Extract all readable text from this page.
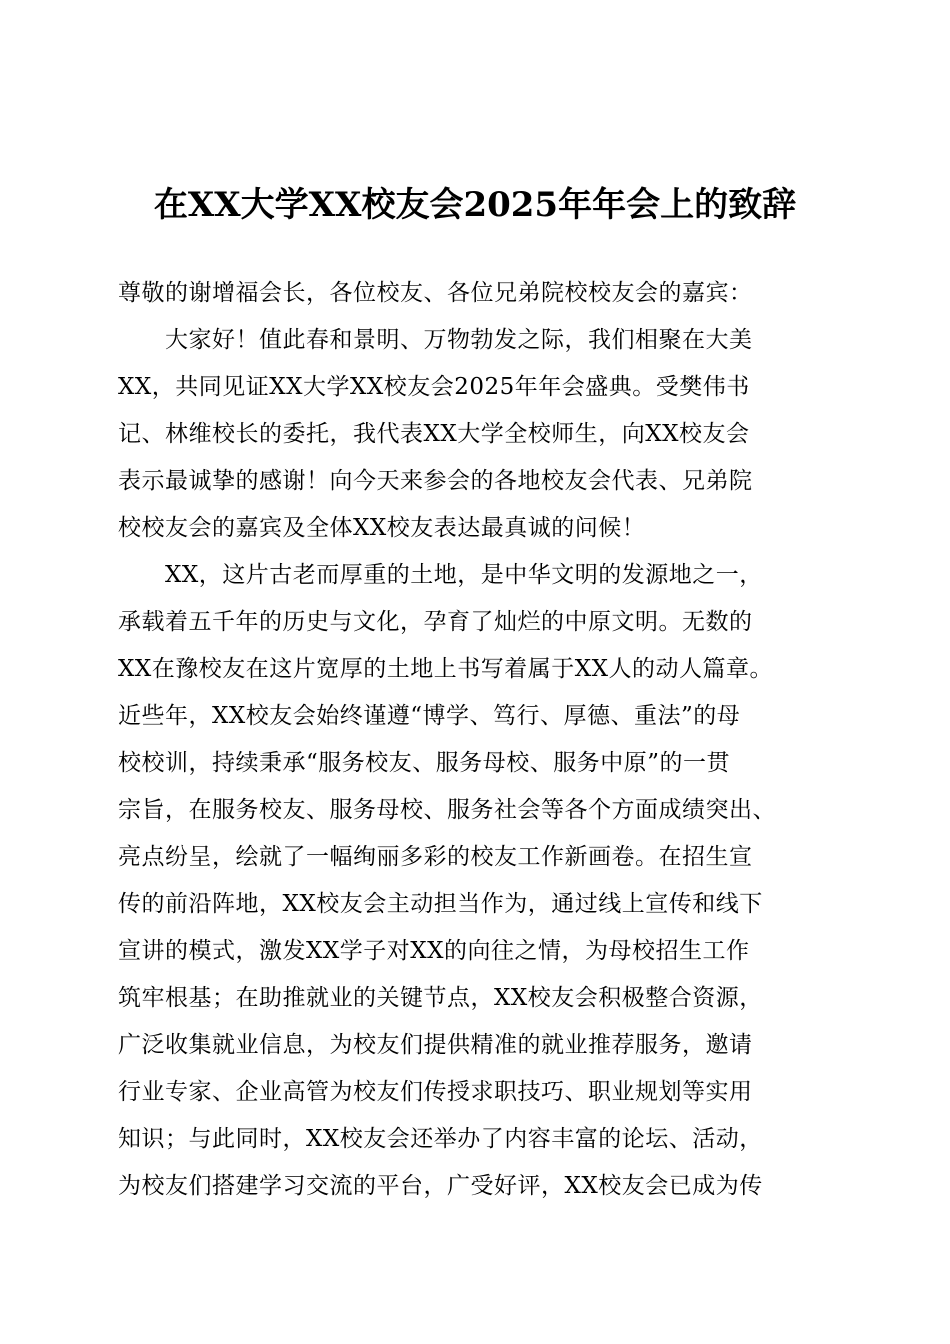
在XX大学XX校友会2025年年会上的致辞
尊敬的谢增福会长，各位校友、各位兄弟院校校友会的嘉宾：
　　大家好！值此春和景明、万物勃发之际，我们相聚在大美
XX，共同见证XX大学XX校友会2025年年会盛典。受樊伟书
记、林维校长的委托，我代表XX大学全校师生，向XX校友会
表示最诚挚的感谢！向今天来参会的各地校友会代表、兄弟院
校校友会的嘉宾及全体XX校友表达最真诚的问候！
　　XX，这片古老而厚重的土地，是中华文明的发源地之一，
承载着五千年的历史与文化，孕育了灿烂的中原文明。无数的
XX在豫校友在这片宽厚的土地上书写着属于XX人的动人篇章。
近些年，XX校友会始终谨遵“博学、笃行、厚德、重法”的母
校校训，持续秉承“服务校友、服务母校、服务中原”的一贯
宗旨，在服务校友、服务母校、服务社会等各个方面成绩突出、
亮点纷呈，绘就了一幅绚丽多彩的校友工作新画卷。在招生宣
传的前沿阵地，XX校友会主动担当作为，通过线上宣传和线下
宣讲的模式，激发XX学子对XX的向往之情，为母校招生工作
筑牢根基；在助推就业的关键节点，XX校友会积极整合资源，
广泛收集就业信息，为校友们提供精准的就业推荐服务，邀请
行业专家、企业高管为校友们传授求职技巧、职业规划等实用
知识；与此同时，XX校友会还举办了内容丰富的论坛、活动，
为校友们搭建学习交流的平台，广受好评，XX校友会已成为传
